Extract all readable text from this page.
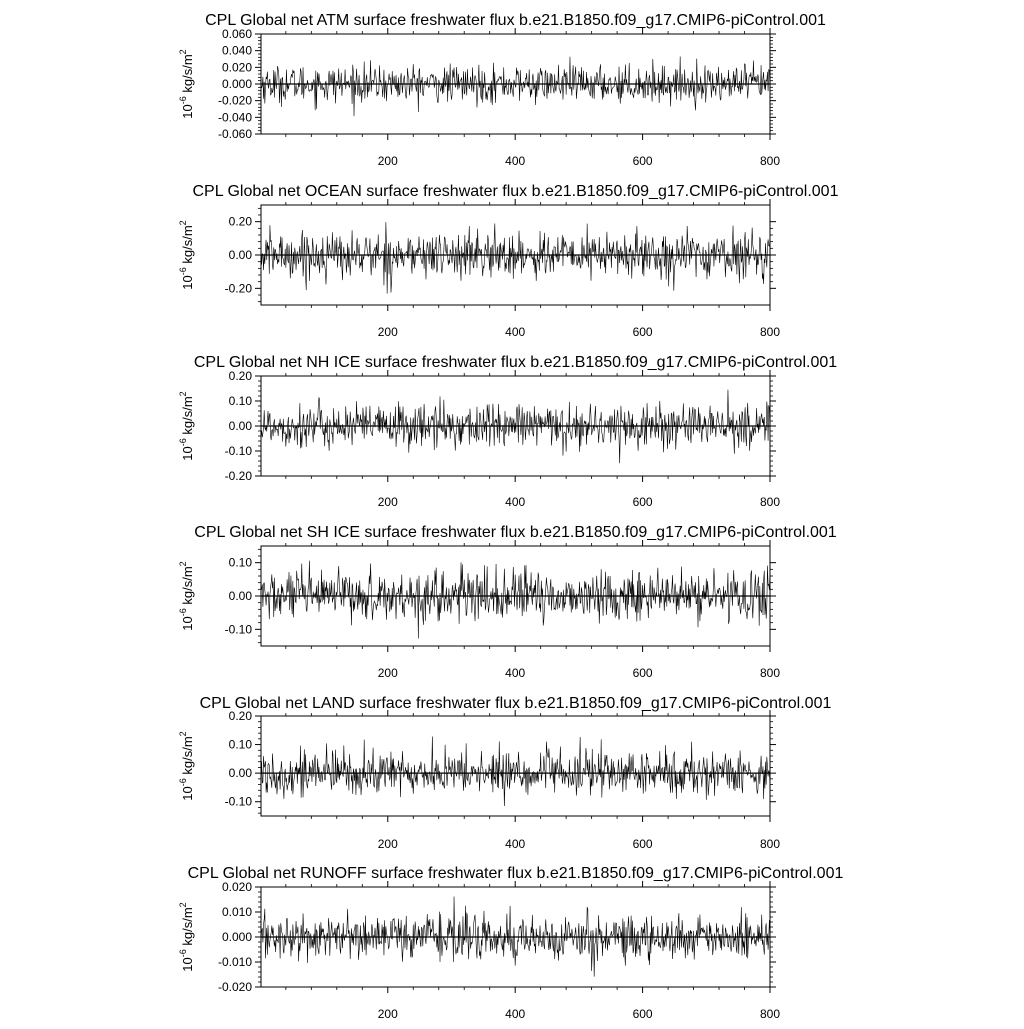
CPL Global net ATM surface freshwater flux b.e21.B1850.f09_g17.CMIP6-piControl.001
-0.060
-0.040
-0.020
0.000
0.020
0.040
0.060
200	400	600	800
$10^{-6}$ $kg/s/m^2$
CPL Global net OCEAN surface freshwater flux b.e21.B1850.f09_g17.CMIP6-piControl.001
-0.20
0.00
0.20
200	400	600	800
$10^{-6}$ $kg/s/m^2$
CPL Global net NH ICE surface freshwater flux b.e21.B1850.f09_g17.CMIP6-piControl.001
-0.20
-0.10
0.00
0.10
0.20
200	400	600	800
$10^{-6}$ $kg/s/m^2$
CPL Global net SH ICE surface freshwater flux b.e21.B1850.f09_g17.CMIP6-piControl.001
-0.10
0.00
0.10
200	400	600	800
$10^{-6}$ $kg/s/m^2$
CPL Global net LAND surface freshwater flux b.e21.B1850.f09_g17.CMIP6-piControl.001
-0.10
0.00
0.10
0.20
200	400	600	800
$10^{-6}$ $kg/s/m^2$
CPL Global net RUNOFF surface freshwater flux b.e21.B1850.f09_g17.CMIP6-piControl.001
-0.020
-0.010
0.000
0.010
0.020
200	400	600	800
$10^{-6}$ $kg/s/m^2$
